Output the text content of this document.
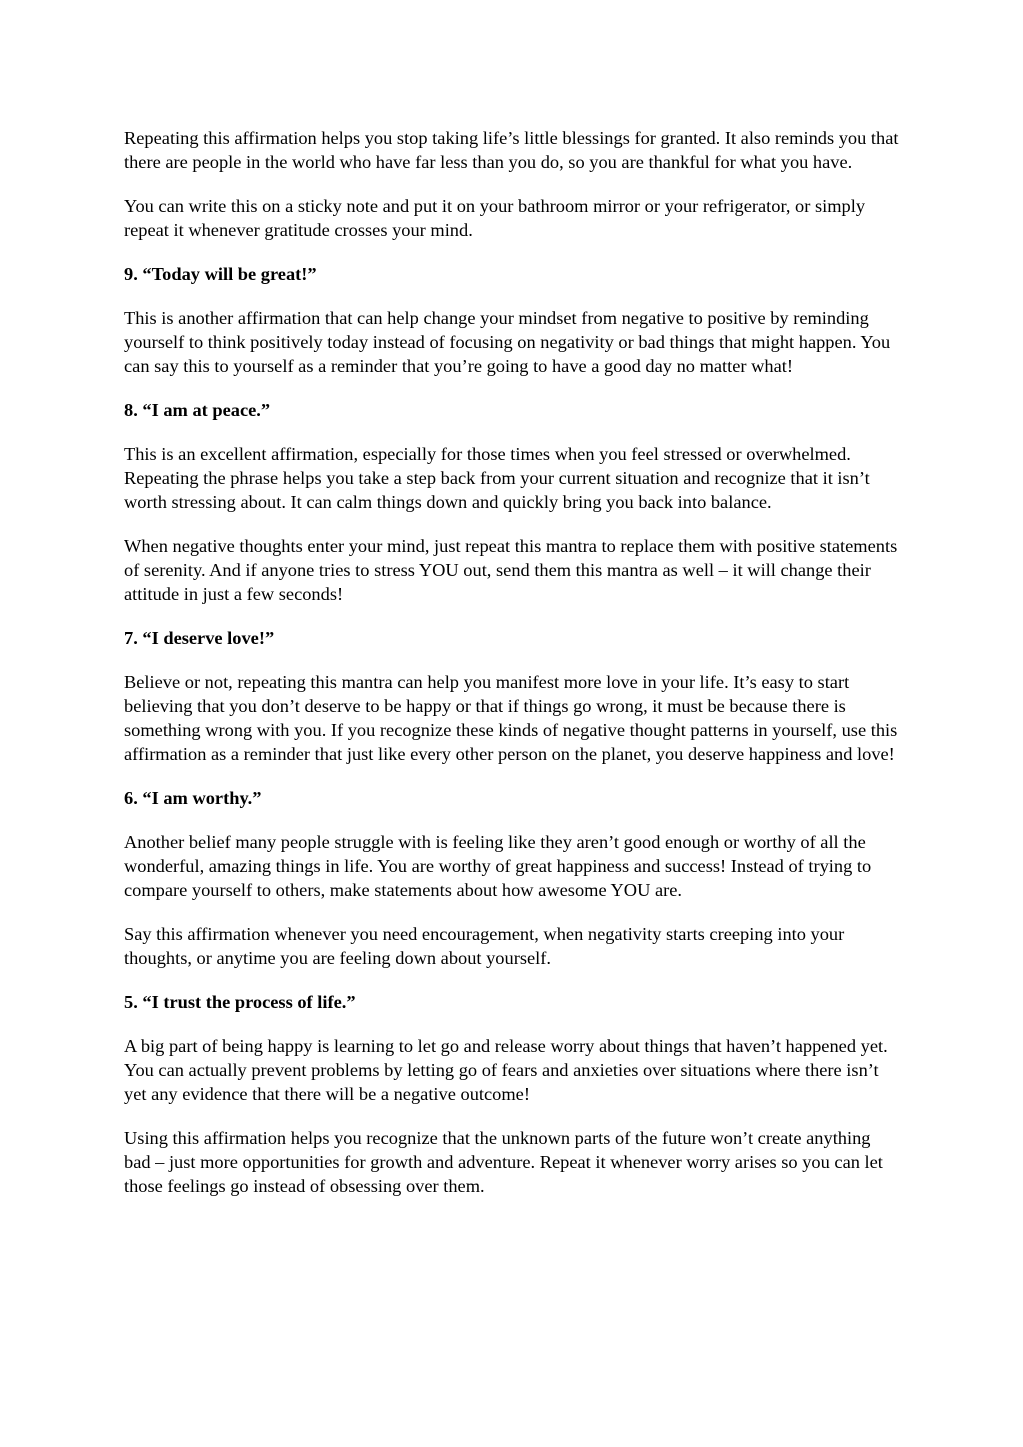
Repeating this affirmation helps you stop taking life’s little blessings for granted. It also reminds you that there are people in the world who have far less than you do, so you are thankful for what you have.

You can write this on a sticky note and put it on your bathroom mirror or your refrigerator, or simply repeat it whenever gratitude crosses your mind.

9. “Today will be great!”

This is another affirmation that can help change your mindset from negative to positive by reminding yourself to think positively today instead of focusing on negativity or bad things that might happen. You can say this to yourself as a reminder that you’re going to have a good day no matter what!

8. “I am at peace.”

This is an excellent affirmation, especially for those times when you feel stressed or overwhelmed. Repeating the phrase helps you take a step back from your current situation and recognize that it isn’t worth stressing about. It can calm things down and quickly bring you back into balance.

When negative thoughts enter your mind, just repeat this mantra to replace them with positive statements of serenity. And if anyone tries to stress YOU out, send them this mantra as well – it will change their attitude in just a few seconds!

7. “I deserve love!”

Believe or not, repeating this mantra can help you manifest more love in your life. It’s easy to start believing that you don’t deserve to be happy or that if things go wrong, it must be because there is something wrong with you. If you recognize these kinds of negative thought patterns in yourself, use this affirmation as a reminder that just like every other person on the planet, you deserve happiness and love!

6. “I am worthy.”

Another belief many people struggle with is feeling like they aren’t good enough or worthy of all the wonderful, amazing things in life. You are worthy of great happiness and success! Instead of trying to compare yourself to others, make statements about how awesome YOU are.

Say this affirmation whenever you need encouragement, when negativity starts creeping into your thoughts, or anytime you are feeling down about yourself.

5. “I trust the process of life.”

A big part of being happy is learning to let go and release worry about things that haven’t happened yet. You can actually prevent problems by letting go of fears and anxieties over situations where there isn’t yet any evidence that there will be a negative outcome!

Using this affirmation helps you recognize that the unknown parts of the future won’t create anything bad – just more opportunities for growth and adventure. Repeat it whenever worry arises so you can let those feelings go instead of obsessing over them.
